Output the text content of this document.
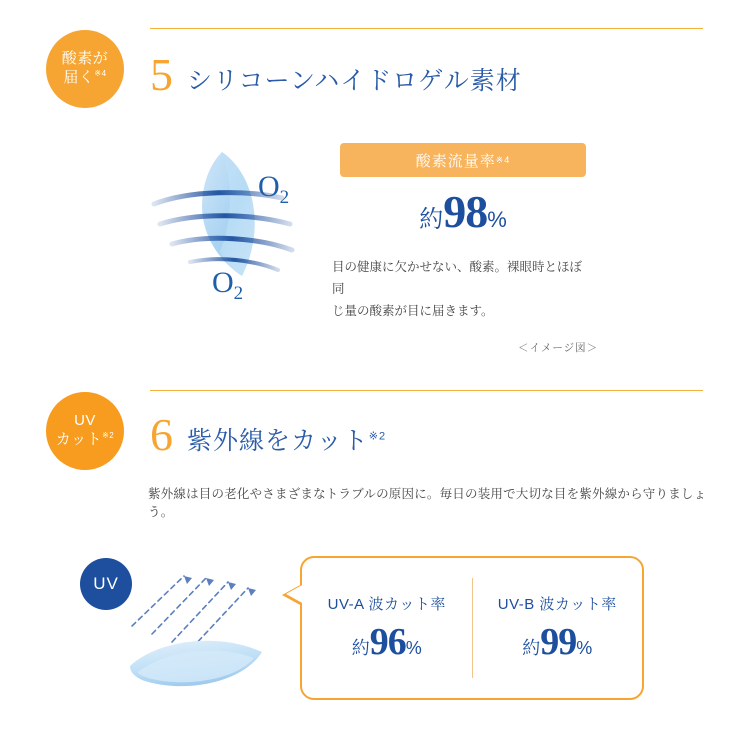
酸素が
届く$^{※4}$ 5 シリコーンハイドロゲル素材
$O_2$
$O_2$
酸素流量率 ※4
約98%
目の健康に欠かせない、酸素。裸眼時とほぼ同
じ量の酸素が目に届きます。
＜イメージ図＞
UV
カット$^{※2}$ 6 紫外線をカット$^{※2}$
紫外線は目の老化やさまざまなトラブルの原因に。毎日の装用で大切な目を紫外線から守りましょう。
UV
UV-A 波カット率
約96%
UV-B 波カット率
約99%
